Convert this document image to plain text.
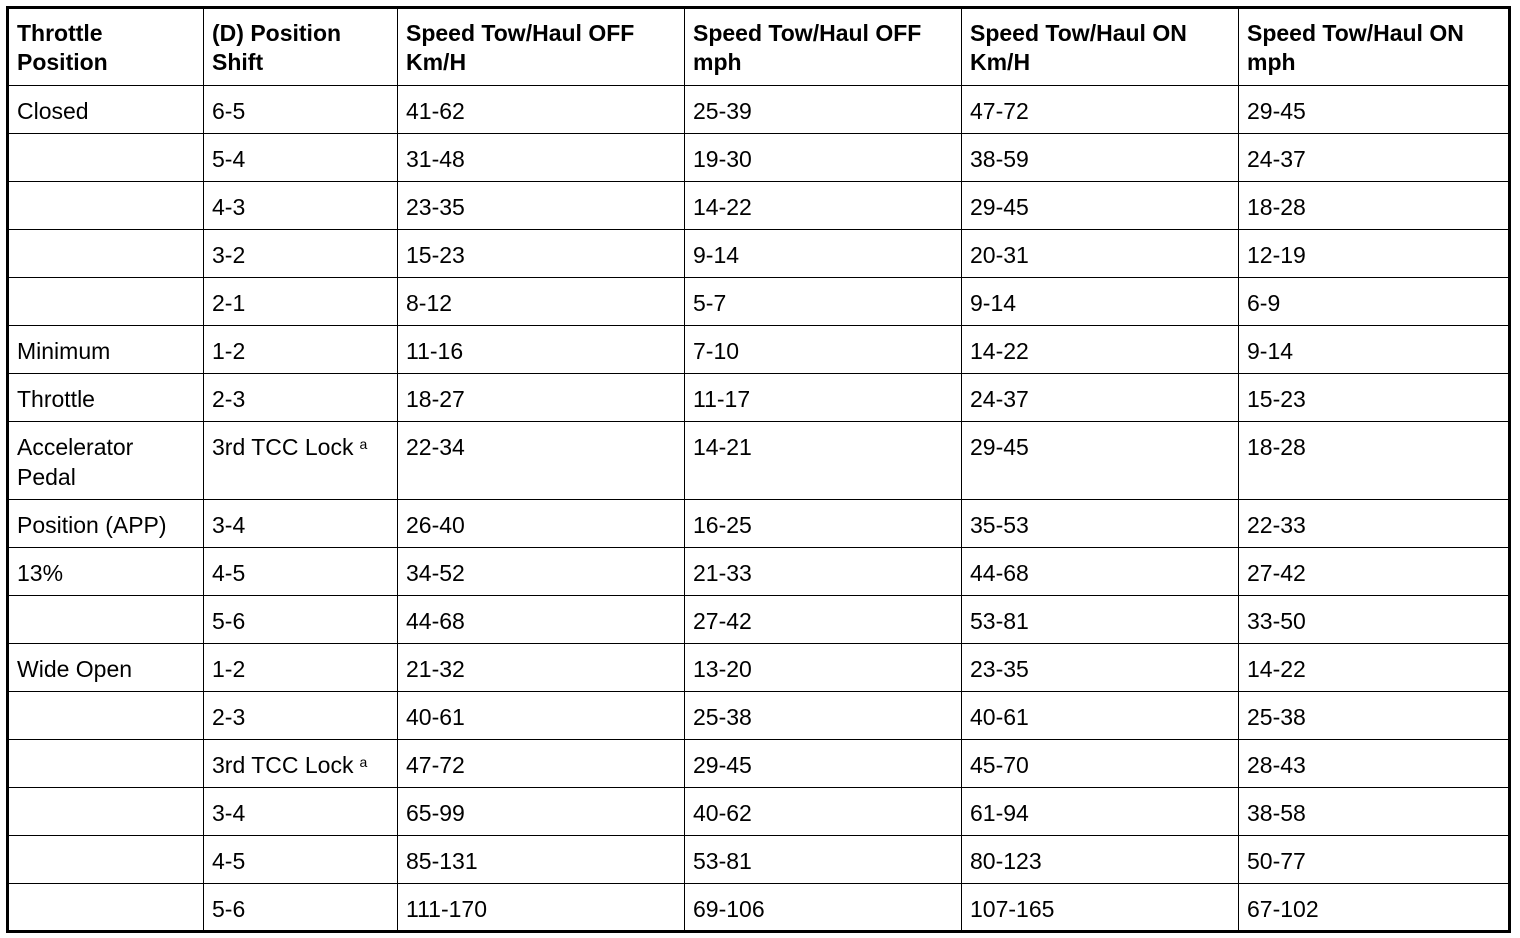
Throttle Position	(D) Position Shift	Speed Tow/Haul OFF Km/H	Speed Tow/Haul OFF mph	Speed Tow/Haul ON Km/H	Speed Tow/Haul ON mph
Closed	6-5	41-62	25-39	47-72	29-45
	5-4	31-48	19-30	38-59	24-37
	4-3	23-35	14-22	29-45	18-28
	3-2	15-23	9-14	20-31	12-19
	2-1	8-12	5-7	9-14	6-9
Minimum	1-2	11-16	7-10	14-22	9-14
Throttle	2-3	18-27	11-17	24-37	15-23
Accelerator Pedal	3rd TCC Lock $^a$	22-34	14-21	29-45	18-28
Position (APP)	3-4	26-40	16-25	35-53	22-33
13%	4-5	34-52	21-33	44-68	27-42
	5-6	44-68	27-42	53-81	33-50
Wide Open	1-2	21-32	13-20	23-35	14-22
	2-3	40-61	25-38	40-61	25-38
	3rd TCC Lock $^a$	47-72	29-45	45-70	28-43
	3-4	65-99	40-62	61-94	38-58
	4-5	85-131	53-81	80-123	50-77
	5-6	111-170	69-106	107-165	67-102
